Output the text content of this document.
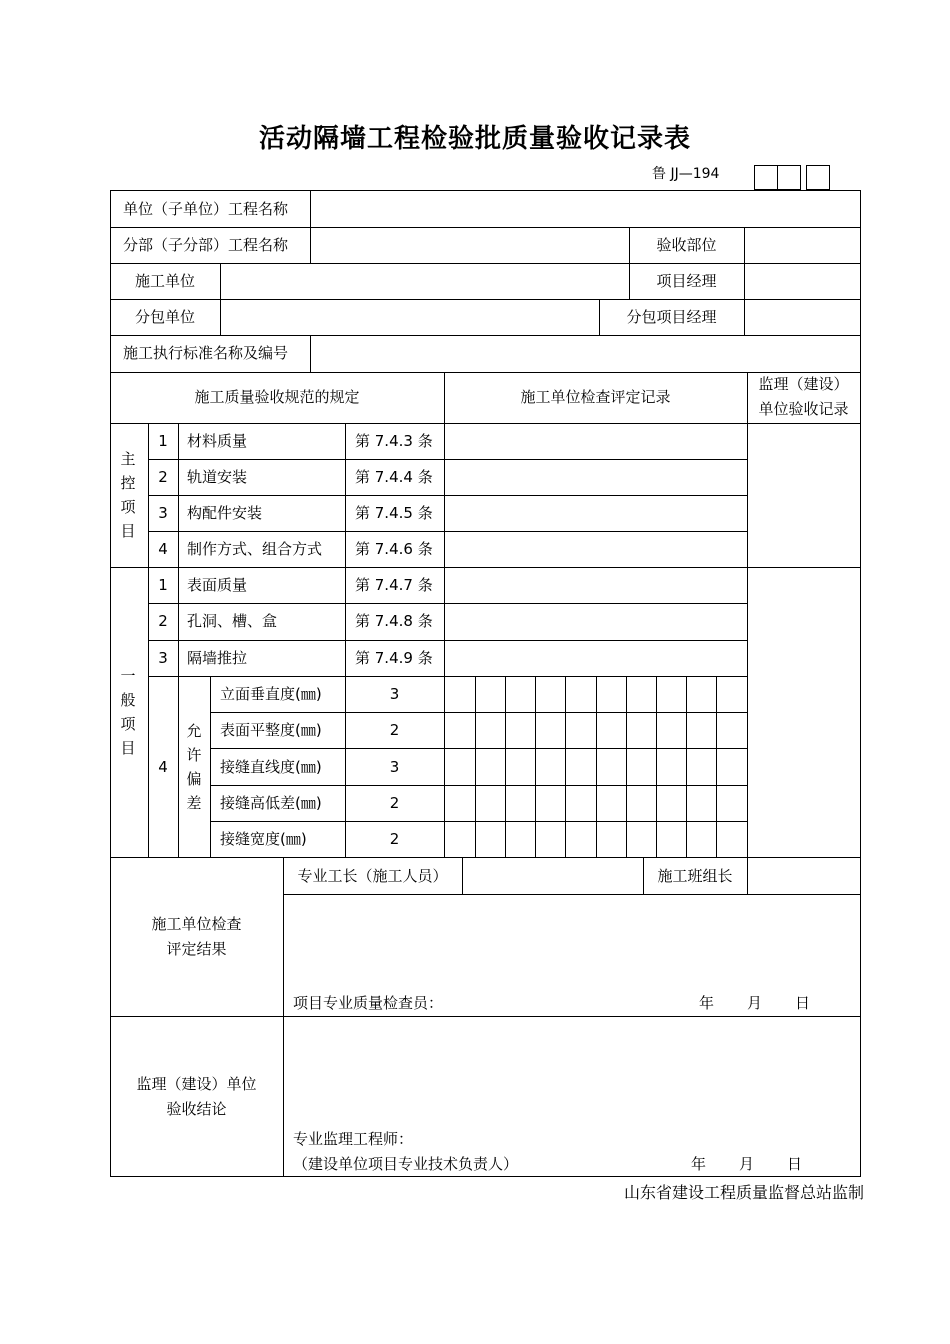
活动隔墙工程检验批质量验收记录表
鲁 JJ—194
单位（子单位）工程名称
分部（子分部）工程名称	验收部位
施工单位	项目经理
分包单位	分包项目经理
施工执行标准名称及编号
施工质量验收规范的规定	施工单位检查评定记录
监理（建设）
单位验收记录
主
控
项
目
1	材料质量	第 7.4.3 条
2	轨道安装	第 7.4.4 条
3	构配件安装	第 7.4.5 条
4	制作方式、组合方式 第 7.4.6 条
一
般
项
目
1	表面质量	第 7.4.7 条
2	孔洞、槽、盒	第 7.4.8 条
3	隔墙推拉	第 7.4.9 条
4
允
许
偏
差
立面垂直度(㎜)	3
表面平整度(㎜)	2
接缝直线度(㎜)	3
接缝高低差(㎜)	2
接缝宽度(㎜)	2
施工单位检查
评定结果
专业工长（施工人员）	施工班组长
项目专业质量检查员：	年 月 日
监理（建设）单位
验收结论
专业监理工程师：
（建设单位项目专业技术负责人）	年 月 日
山东省建设工程质量监督总站监制
